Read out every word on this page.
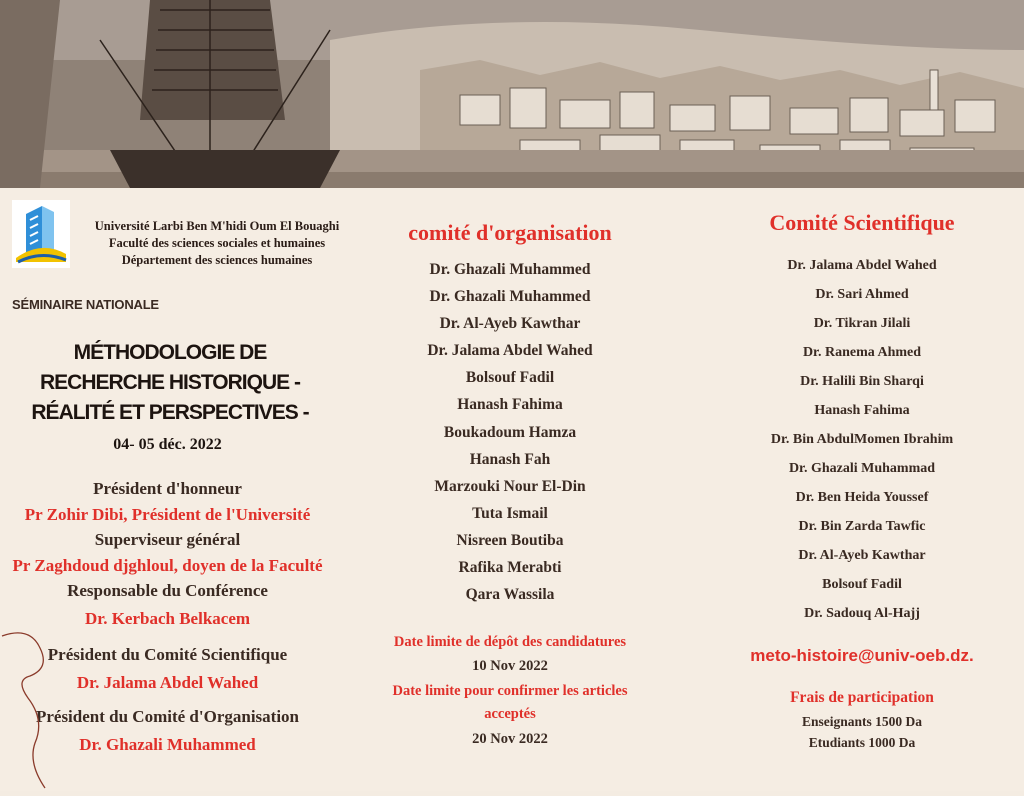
Université Larbi Ben M'hidi Oum El Bouaghi
Faculté des sciences sociales et humaines
Département des sciences humaines
SÉMINAIRE NATIONALE
MÉTHODOLOGIE DE
RECHERCHE HISTORIQUE -
RÉALITÉ ET PERSPECTIVES -
04- 05 déc. 2022
Président d'honneur
Pr Zohir Dibi, Président de l'Université
Superviseur général
Pr Zaghdoud djghloul, doyen de la Faculté
Responsable du Conférence
Dr. Kerbach Belkacem
Président du Comité Scientifique
Dr. Jalama Abdel Wahed
Président du Comité d'Organisation
Dr. Ghazali Muhammed
comité d'organisation
Dr. Ghazali Muhammed
Dr. Ghazali Muhammed
Dr. Al-Ayeb Kawthar
Dr. Jalama Abdel Wahed
Bolsouf Fadil
Hanash Fahima
Boukadoum Hamza
Hanash Fah
Marzouki Nour El-Din
Tuta Ismail
Nisreen Boutiba
Rafika Merabti
Qara Wassila
Date limite de dépôt des candidatures
10 Nov 2022
Date limite pour confirmer les articles
acceptés
20 Nov 2022
Comité Scientifique
Dr. Jalama Abdel Wahed
Dr. Sari Ahmed
Dr. Tikran Jilali
Dr. Ranema Ahmed
Dr. Halili Bin Sharqi
Hanash Fahima
Dr. Bin AbdulMomen Ibrahim
Dr. Ghazali Muhammad
Dr. Ben Heida Youssef
Dr. Bin Zarda Tawfic
Dr. Al-Ayeb Kawthar
Bolsouf Fadil
Dr. Sadouq Al-Hajj
meto-histoire@univ-oeb.dz.
Frais de participation
Enseignants 1500 Da
Etudiants 1000 Da
